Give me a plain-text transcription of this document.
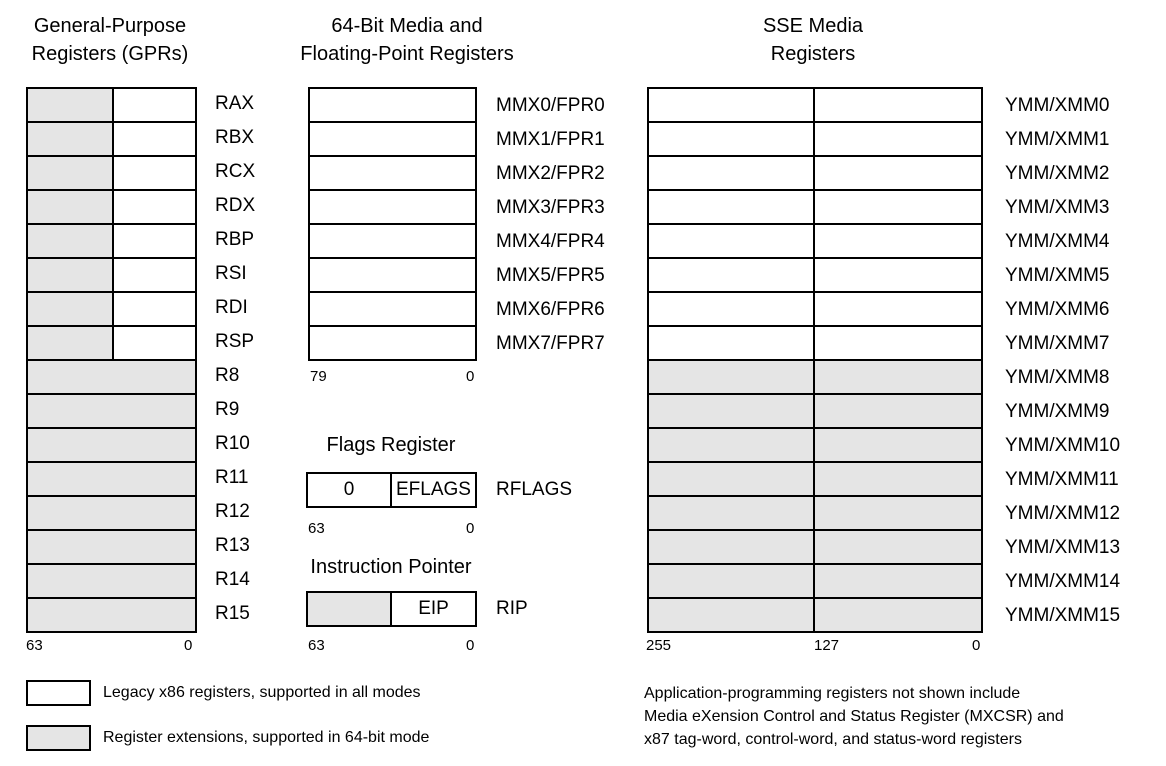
General-Purpose
Registers (GPRs)
RAX
RBX
RCX
RDX
RBP
RSI
RDI
RSP
R8
R9
R10
R11
R12
R13
R14
R15
63	0
64-Bit Media and
Floating-Point Registers
MMX0/FPR0
MMX1/FPR1
MMX2/FPR2
MMX3/FPR3
MMX4/FPR4
MMX5/FPR5
MMX6/FPR6
MMX7/FPR7
79	0
Flags Register
0 EFLAGS RFLAGS
63	0
Instruction Pointer
EIP RIP
63	0
SSE Media
Registers
YMM/XMM0
YMM/XMM1
YMM/XMM2
YMM/XMM3
YMM/XMM4
YMM/XMM5
YMM/XMM6
YMM/XMM7
YMM/XMM8
YMM/XMM9
YMM/XMM10
YMM/XMM11
YMM/XMM12
YMM/XMM13
YMM/XMM14
YMM/XMM15
255	127	0
Legacy x86 registers, supported in all modes
Register extensions, supported in 64-bit mode
Application-programming registers not shown include
Media eXension Control and Status Register (MXCSR) and
x87 tag-word, control-word, and status-word registers
